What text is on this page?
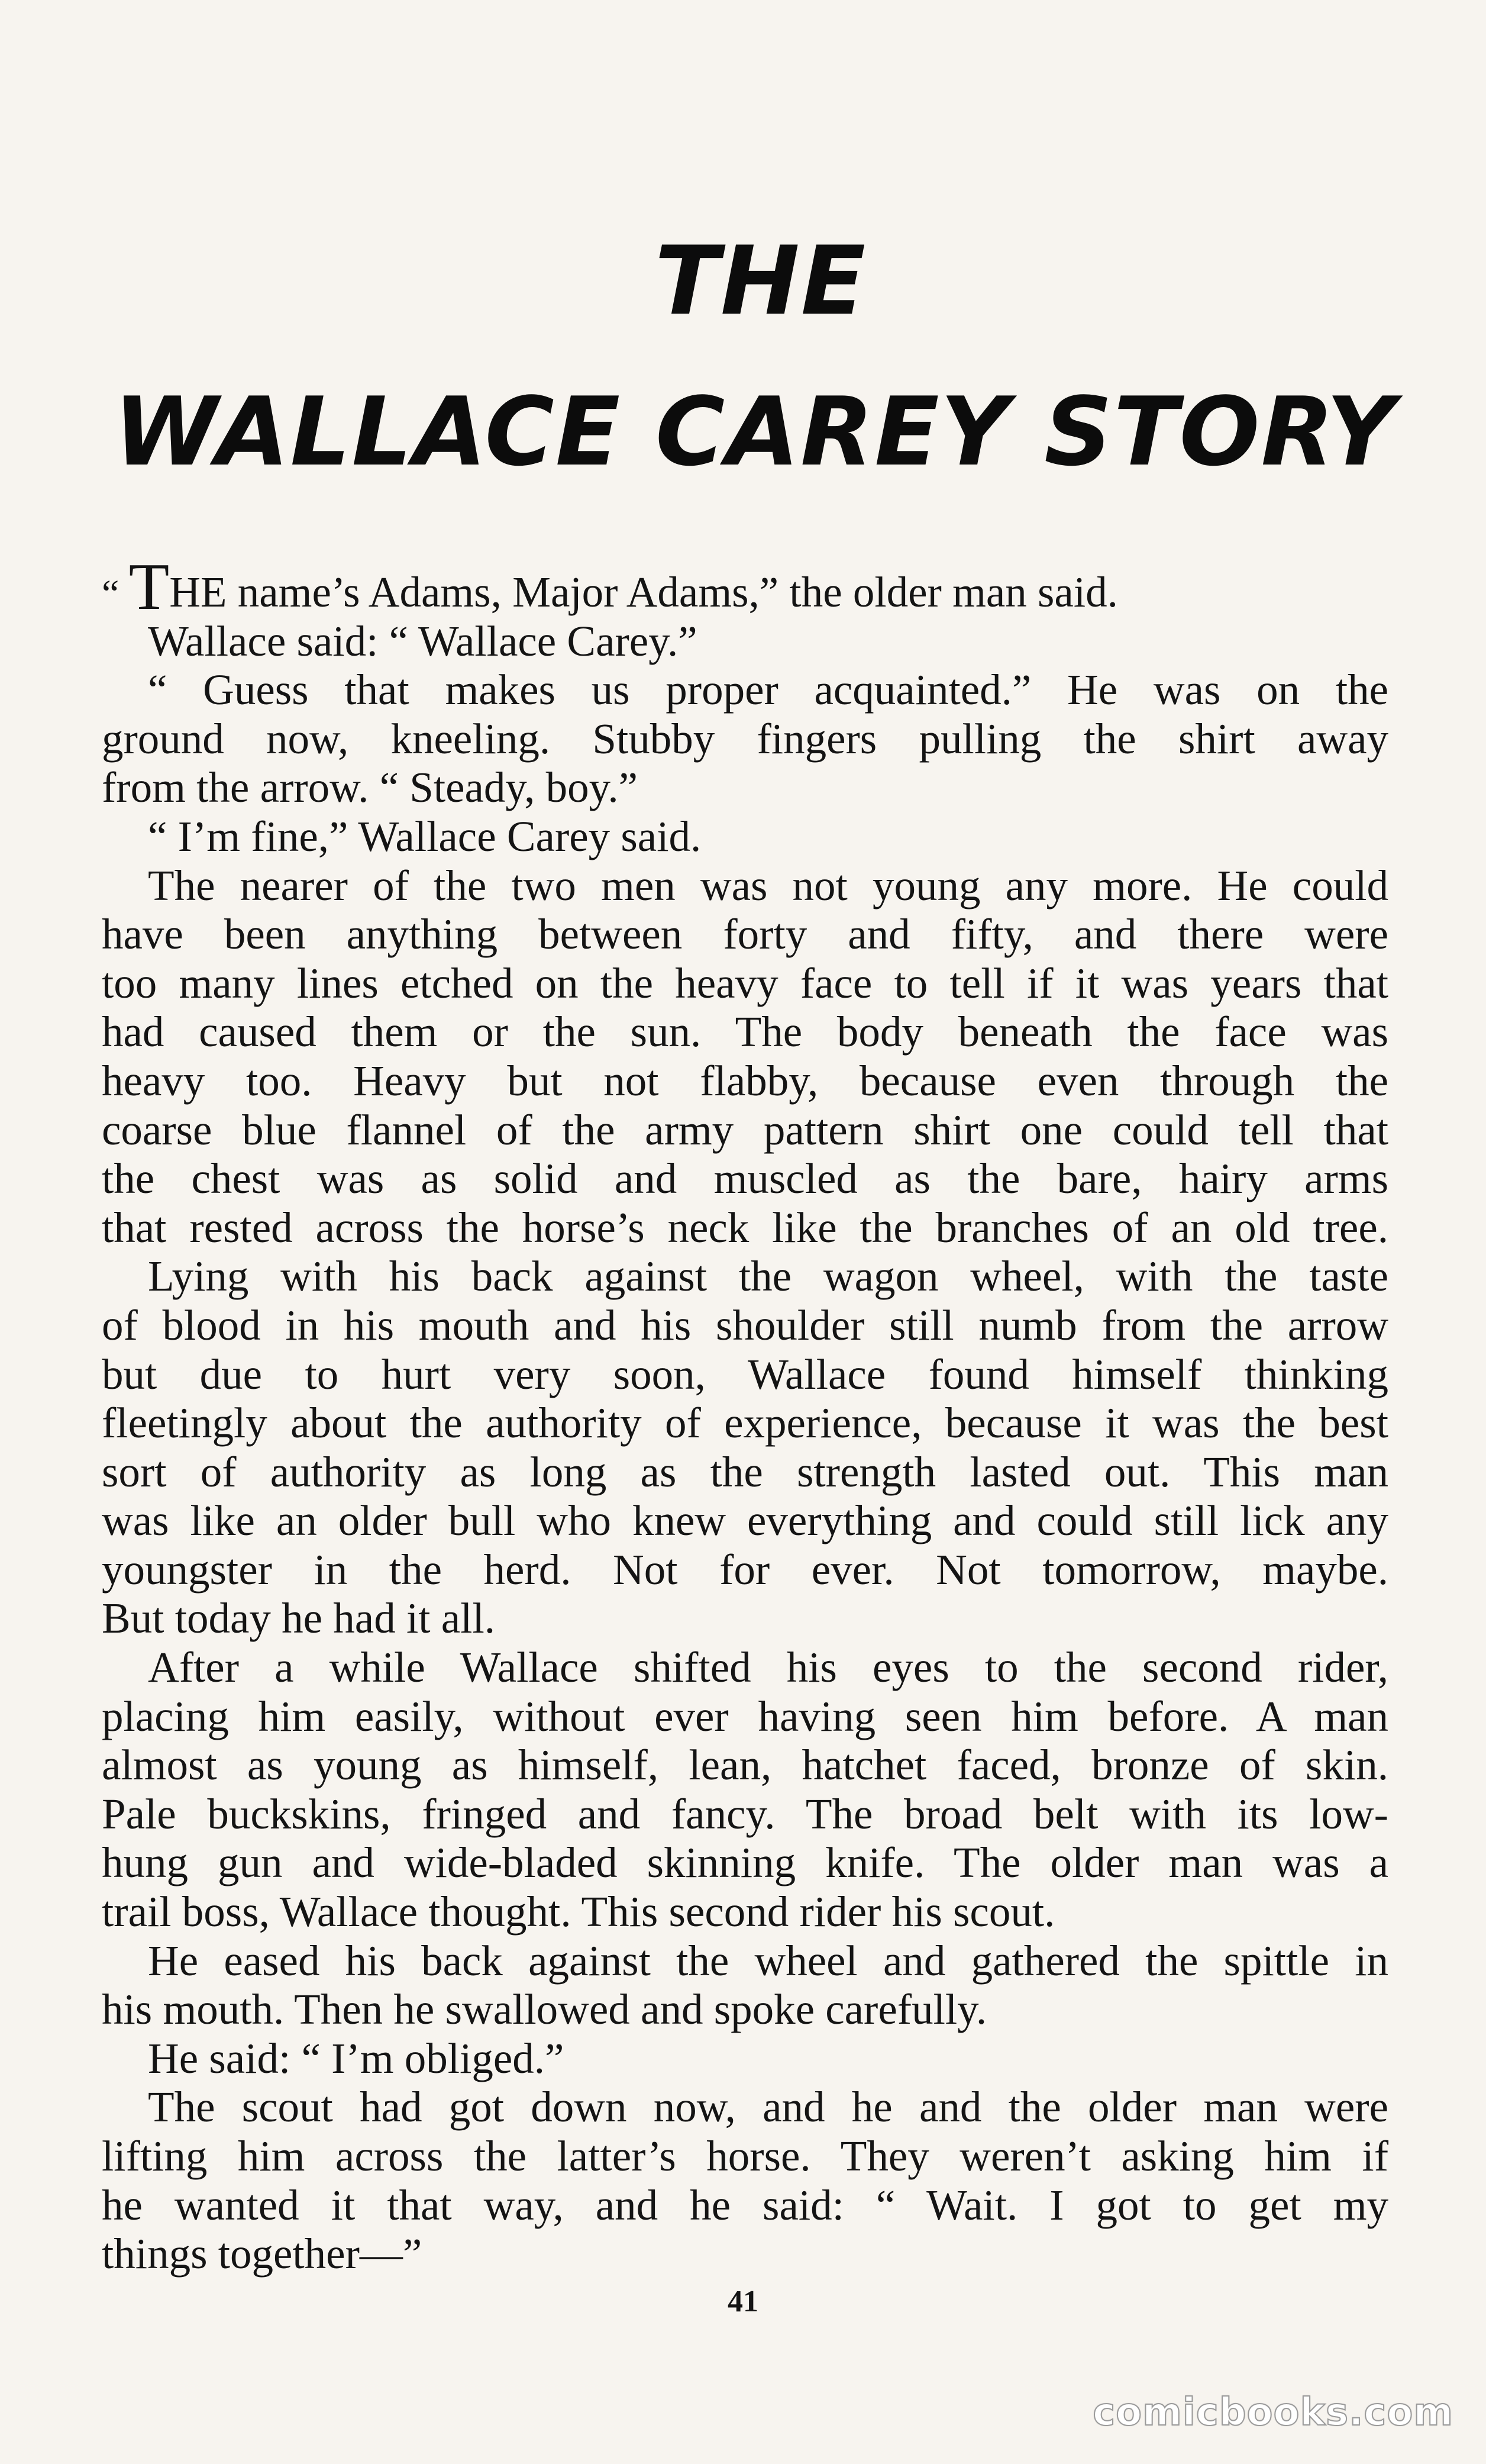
THE
WALLACE CAREY STORY
“ THE name’s Adams, Major Adams,” the older man said.
Wallace said: “ Wallace Carey.”
“ Guess that makes us proper acquainted.” He was on the
ground now, kneeling. Stubby fingers pulling the shirt away
from the arrow. “ Steady, boy.”
“ I’m fine,” Wallace Carey said.
The nearer of the two men was not young any more. He could
have been anything between forty and fifty, and there were
too many lines etched on the heavy face to tell if it was years that
had caused them or the sun. The body beneath the face was
heavy too. Heavy but not flabby, because even through the
coarse blue flannel of the army pattern shirt one could tell that
the chest was as solid and muscled as the bare, hairy arms
that rested across the horse’s neck like the branches of an old tree.
Lying with his back against the wagon wheel, with the taste
of blood in his mouth and his shoulder still numb from the arrow
but due to hurt very soon, Wallace found himself thinking
fleetingly about the authority of experience, because it was the best
sort of authority as long as the strength lasted out. This man
was like an older bull who knew everything and could still lick any
youngster in the herd. Not for ever. Not tomorrow, maybe.
But today he had it all.
After a while Wallace shifted his eyes to the second rider,
placing him easily, without ever having seen him before. A man
almost as young as himself, lean, hatchet faced, bronze of skin.
Pale buckskins, fringed and fancy. The broad belt with its low-
hung gun and wide-bladed skinning knife. The older man was a
trail boss, Wallace thought. This second rider his scout.
He eased his back against the wheel and gathered the spittle in
his mouth. Then he swallowed and spoke carefully.
He said: “ I’m obliged.”
The scout had got down now, and he and the older man were
lifting him across the latter’s horse. They weren’t asking him if
he wanted it that way, and he said: “ Wait. I got to get my
things together—”
41
comicbooks.com
